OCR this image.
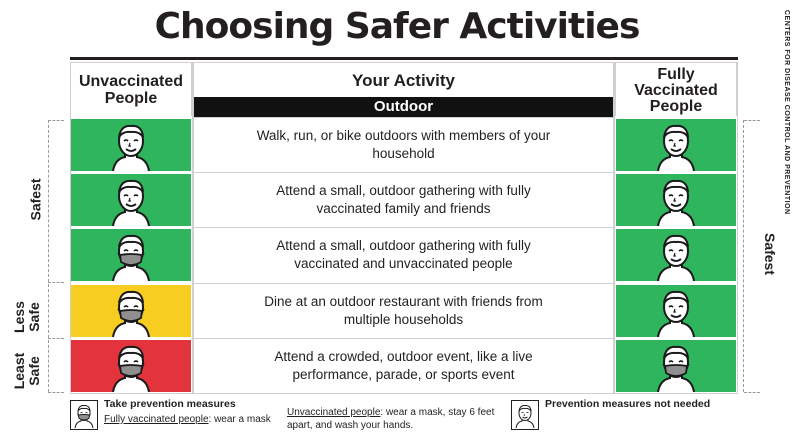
Choosing Safer Activities	CENTERS FOR DISEASE CONTROL AND PREVENTION
Unvaccinated People
Your Activity
Outdoor
Fully Vaccinated People
Walk, run, or bike outdoors with members of your household
Attend a small, outdoor gathering with fully vaccinated family and friends
Attend a small, outdoor gathering with fully vaccinated and unvaccinated people
Dine at an outdoor restaurant with friends from multiple households
Attend a crowded, outdoor event, like a live performance, parade, or sports event
Safest
Less Safe
Least Safe
Safest
Take prevention measures
Fully vaccinated people: wear a mask
Unvaccinated people: wear a mask, stay 6 feet
apart, and wash your hands.
Prevention measures not needed
